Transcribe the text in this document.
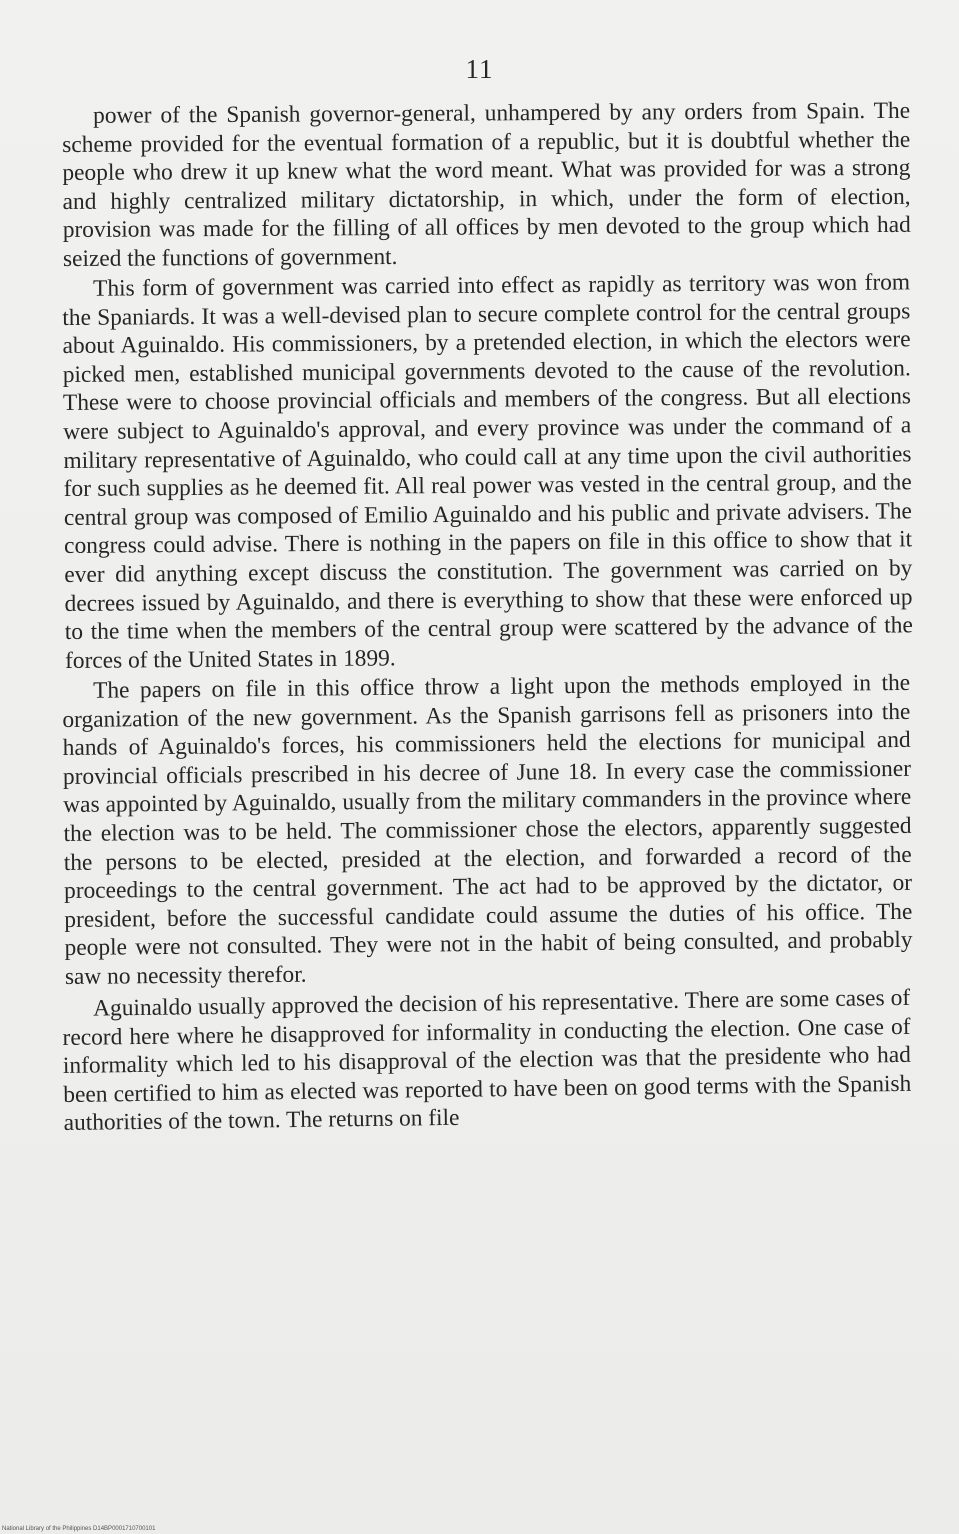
11

power of the Spanish governor-general, unhampered by any orders from Spain. The scheme provided for the eventual formation of a republic, but it is doubtful whether the people who drew it up knew what the word meant. What was provided for was a strong and highly centralized military dictatorship, in which, under the form of election, provision was made for the filling of all offices by men devoted to the group which had seized the functions of government.

This form of government was carried into effect as rapidly as territory was won from the Spaniards. It was a well-devised plan to secure complete control for the central groups about Aguinaldo. His commissioners, by a pretended election, in which the electors were picked men, established municipal governments devoted to the cause of the revolution. These were to choose provincial officials and members of the congress. But all elections were subject to Aguinaldo's approval, and every province was under the command of a military representative of Aguinaldo, who could call at any time upon the civil authorities for such supplies as he deemed fit. All real power was vested in the central group, and the central group was composed of Emilio Aguinaldo and his public and private advisers. The congress could advise. There is nothing in the papers on file in this office to show that it ever did anything except discuss the constitution. The government was carried on by decrees issued by Aguinaldo, and there is everything to show that these were enforced up to the time when the members of the central group were scattered by the advance of the forces of the United States in 1899.

The papers on file in this office throw a light upon the methods employed in the organization of the new government. As the Spanish garrisons fell as prisoners into the hands of Aguinaldo's forces, his commissioners held the elections for municipal and provincial officials prescribed in his decree of June 18. In every case the commissioner was appointed by Aguinaldo, usually from the military commanders in the province where the election was to be held. The commissioner chose the electors, apparently suggested the persons to be elected, presided at the election, and forwarded a record of the proceedings to the central government. The act had to be approved by the dictator, or president, before the successful candidate could assume the duties of his office. The people were not consulted. They were not in the habit of being consulted, and probably saw no necessity therefor.

Aguinaldo usually approved the decision of his representative. There are some cases of record here where he disapproved for informality in conducting the election. One case of informality which led to his disapproval of the election was that the presidente who had been certified to him as elected was reported to have been on good terms with the Spanish authorities of the town. The returns on file

National Library of the Philippines D14BP0001710700101
